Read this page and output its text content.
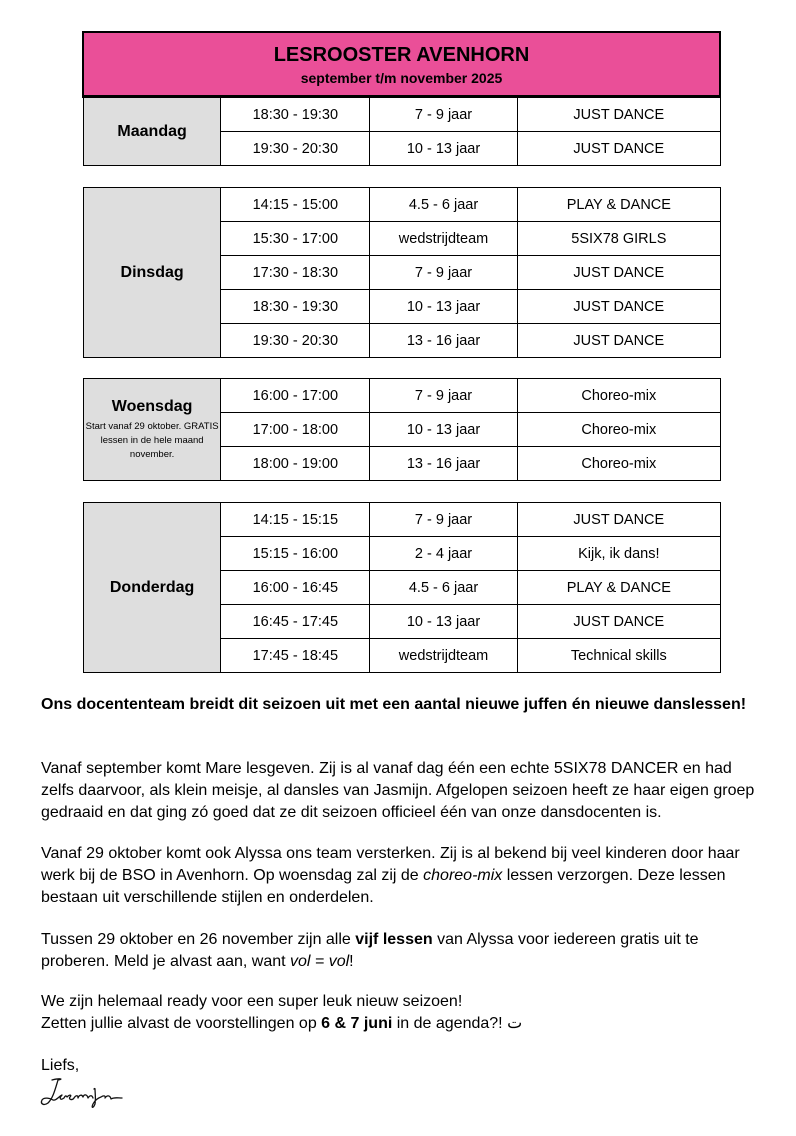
LESROOSTER AVENHORN
september t/m november 2025
Maandag	18:30 - 19:30	7 - 9 jaar	JUST DANCE
	19:30 - 20:30	10 - 13 jaar	JUST DANCE
Dinsdag	14:15 - 15:00	4.5 - 6 jaar	PLAY & DANCE
	15:30 - 17:00	wedstrijdteam	5SIX78 GIRLS
	17:30 - 18:30	7 - 9 jaar	JUST DANCE
	18:30 - 19:30	10 - 13 jaar	JUST DANCE
	19:30 - 20:30	13 - 16 jaar	JUST DANCE
Woensdag
Start vanaf 29 oktober. GRATIS lessen in de hele maand november.	16:00 - 17:00	7 - 9 jaar	Choreo-mix
	17:00 - 18:00	10 - 13 jaar	Choreo-mix
	18:00 - 19:00	13 - 16 jaar	Choreo-mix
Donderdag	14:15 - 15:15	7 - 9 jaar	JUST DANCE
	15:15 - 16:00	2 - 4 jaar	Kijk, ik dans!
	16:00 - 16:45	4.5 - 6 jaar	PLAY & DANCE
	16:45 - 17:45	10 - 13 jaar	JUST DANCE
	17:45 - 18:45	wedstrijdteam	Technical skills

Ons docententeam breidt dit seizoen uit met een aantal nieuwe juffen én nieuwe danslessen!

Vanaf september komt Mare lesgeven. Zij is al vanaf dag één een echte 5SIX78 DANCER en had zelfs daarvoor, als klein meisje, al dansles van Jasmijn. Afgelopen seizoen heeft ze haar eigen groep gedraaid en dat ging zó goed dat ze dit seizoen officieel één van onze dansdocenten is.

Vanaf 29 oktober komt ook Alyssa ons team versterken. Zij is al bekend bij veel kinderen door haar werk bij de BSO in Avenhorn. Op woensdag zal zij de choreo-mix lessen verzorgen. Deze lessen bestaan uit verschillende stijlen en onderdelen.

Tussen 29 oktober en 26 november zijn alle vijf lessen van Alyssa voor iedereen gratis uit te proberen. Meld je alvast aan, want vol = vol!

We zijn helemaal ready voor een super leuk nieuw seizoen!
Zetten jullie alvast de voorstellingen op 6 & 7 juni in de agenda?! ت

Liefs,
